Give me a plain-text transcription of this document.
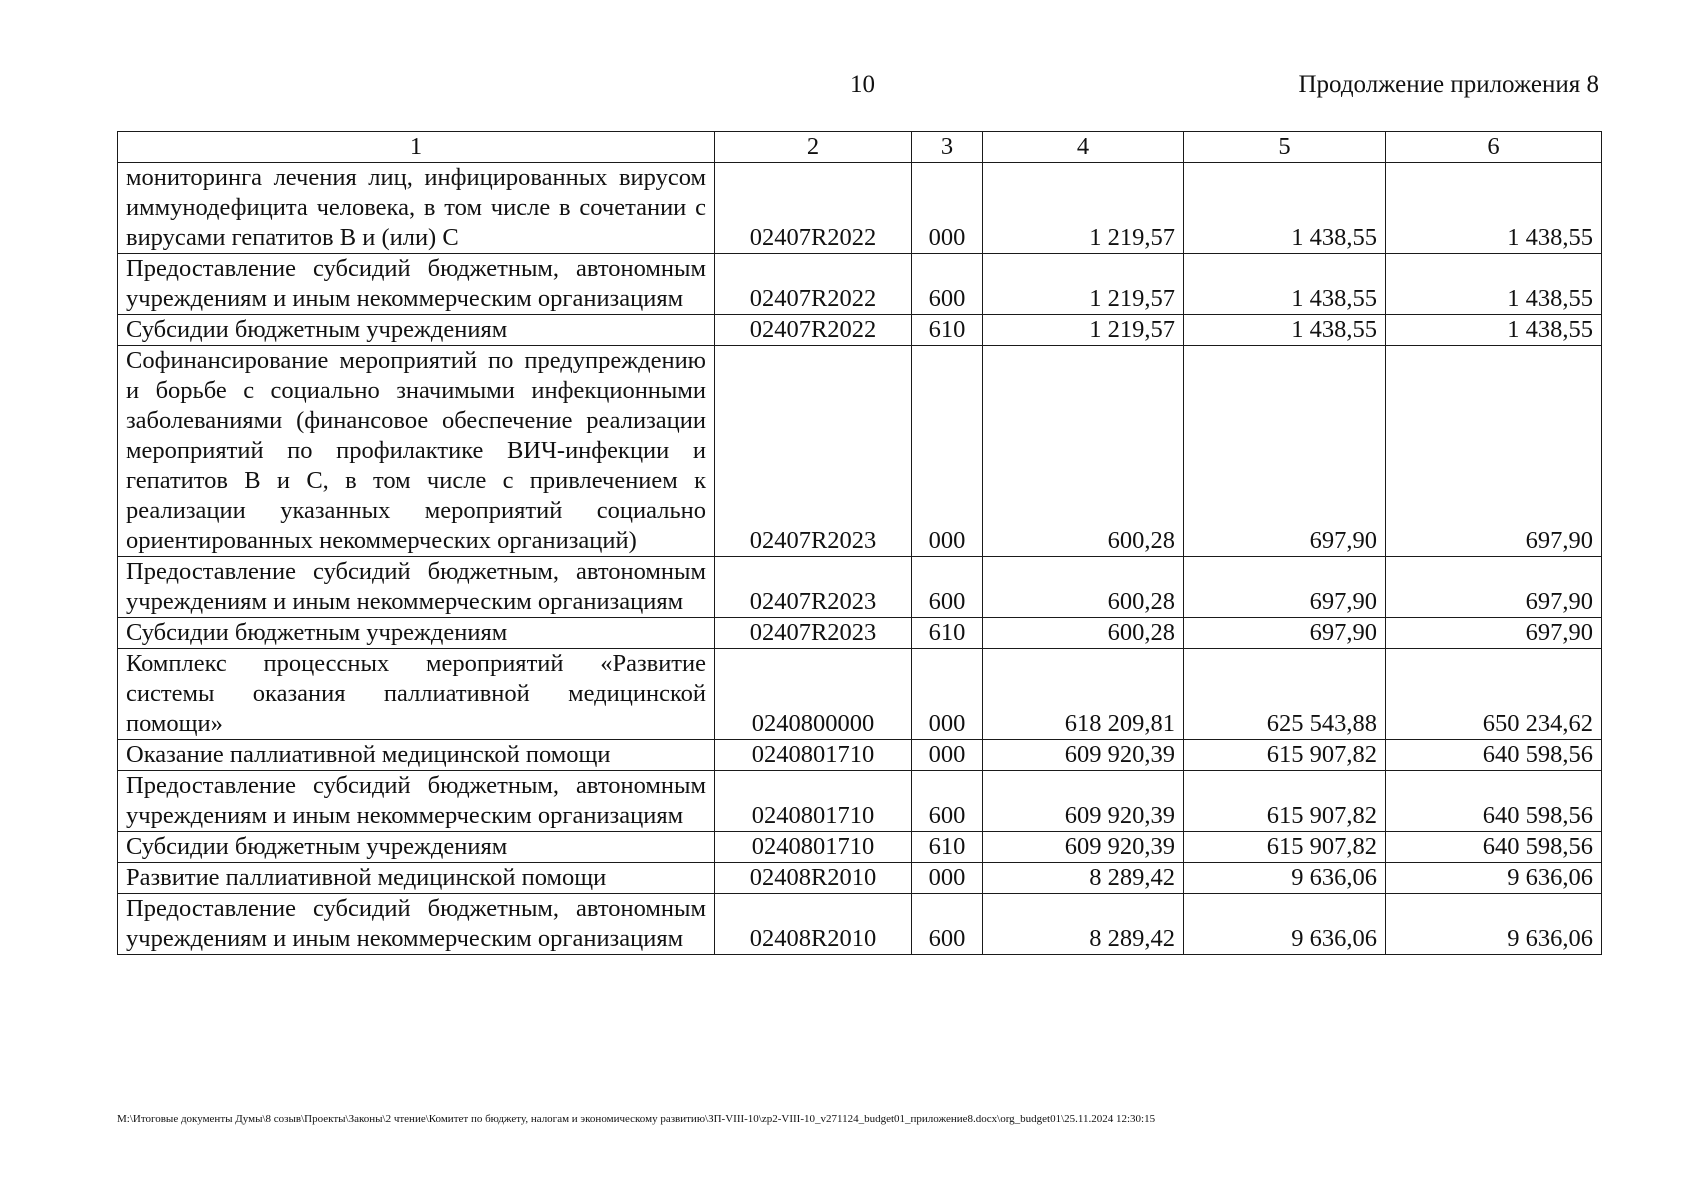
10	Продолжение приложения 8
1	2	3	4	5	6
мониторинга лечения лиц, инфицированных вирусом иммунодефицита человека, в том числе в сочетании с вирусами гепатитов В и (или) С	02407R2022	000	1 219,57	1 438,55	1 438,55
Предоставление субсидий бюджетным, автономным учреждениям и иным некоммерческим организациям	02407R2022	600	1 219,57	1 438,55	1 438,55
Субсидии бюджетным учреждениям	02407R2022	610	1 219,57	1 438,55	1 438,55
Софинансирование мероприятий по предупреждению и борьбе с социально значимыми инфекционными заболеваниями (финансовое обеспечение реализации мероприятий по профилактике ВИЧ-инфекции и гепатитов В и С, в том числе с привлечением к реализации указанных мероприятий социально ориентированных некоммерческих организаций)	02407R2023	000	600,28	697,90	697,90
Предоставление субсидий бюджетным, автономным учреждениям и иным некоммерческим организациям	02407R2023	600	600,28	697,90	697,90
Субсидии бюджетным учреждениям	02407R2023	610	600,28	697,90	697,90
Комплекс процессных мероприятий «Развитие системы оказания паллиативной медицинской помощи»	0240800000	000	618 209,81	625 543,88	650 234,62
Оказание паллиативной медицинской помощи	0240801710	000	609 920,39	615 907,82	640 598,56
Предоставление субсидий бюджетным, автономным учреждениям и иным некоммерческим организациям	0240801710	600	609 920,39	615 907,82	640 598,56
Субсидии бюджетным учреждениям	0240801710	610	609 920,39	615 907,82	640 598,56
Развитие паллиативной медицинской помощи	02408R2010	000	8 289,42	9 636,06	9 636,06
Предоставление субсидий бюджетным, автономным учреждениям и иным некоммерческим организациям	02408R2010	600	8 289,42	9 636,06	9 636,06
M:\Итоговые документы Думы\8 созыв\Проекты\Законы\2 чтение\Комитет по бюджету, налогам и экономическому развитию\ЗП-VIII-10\zp2-VIII-10_v271124_budget01_приложение8.docx\org_budget01\25.11.2024 12:30:15
